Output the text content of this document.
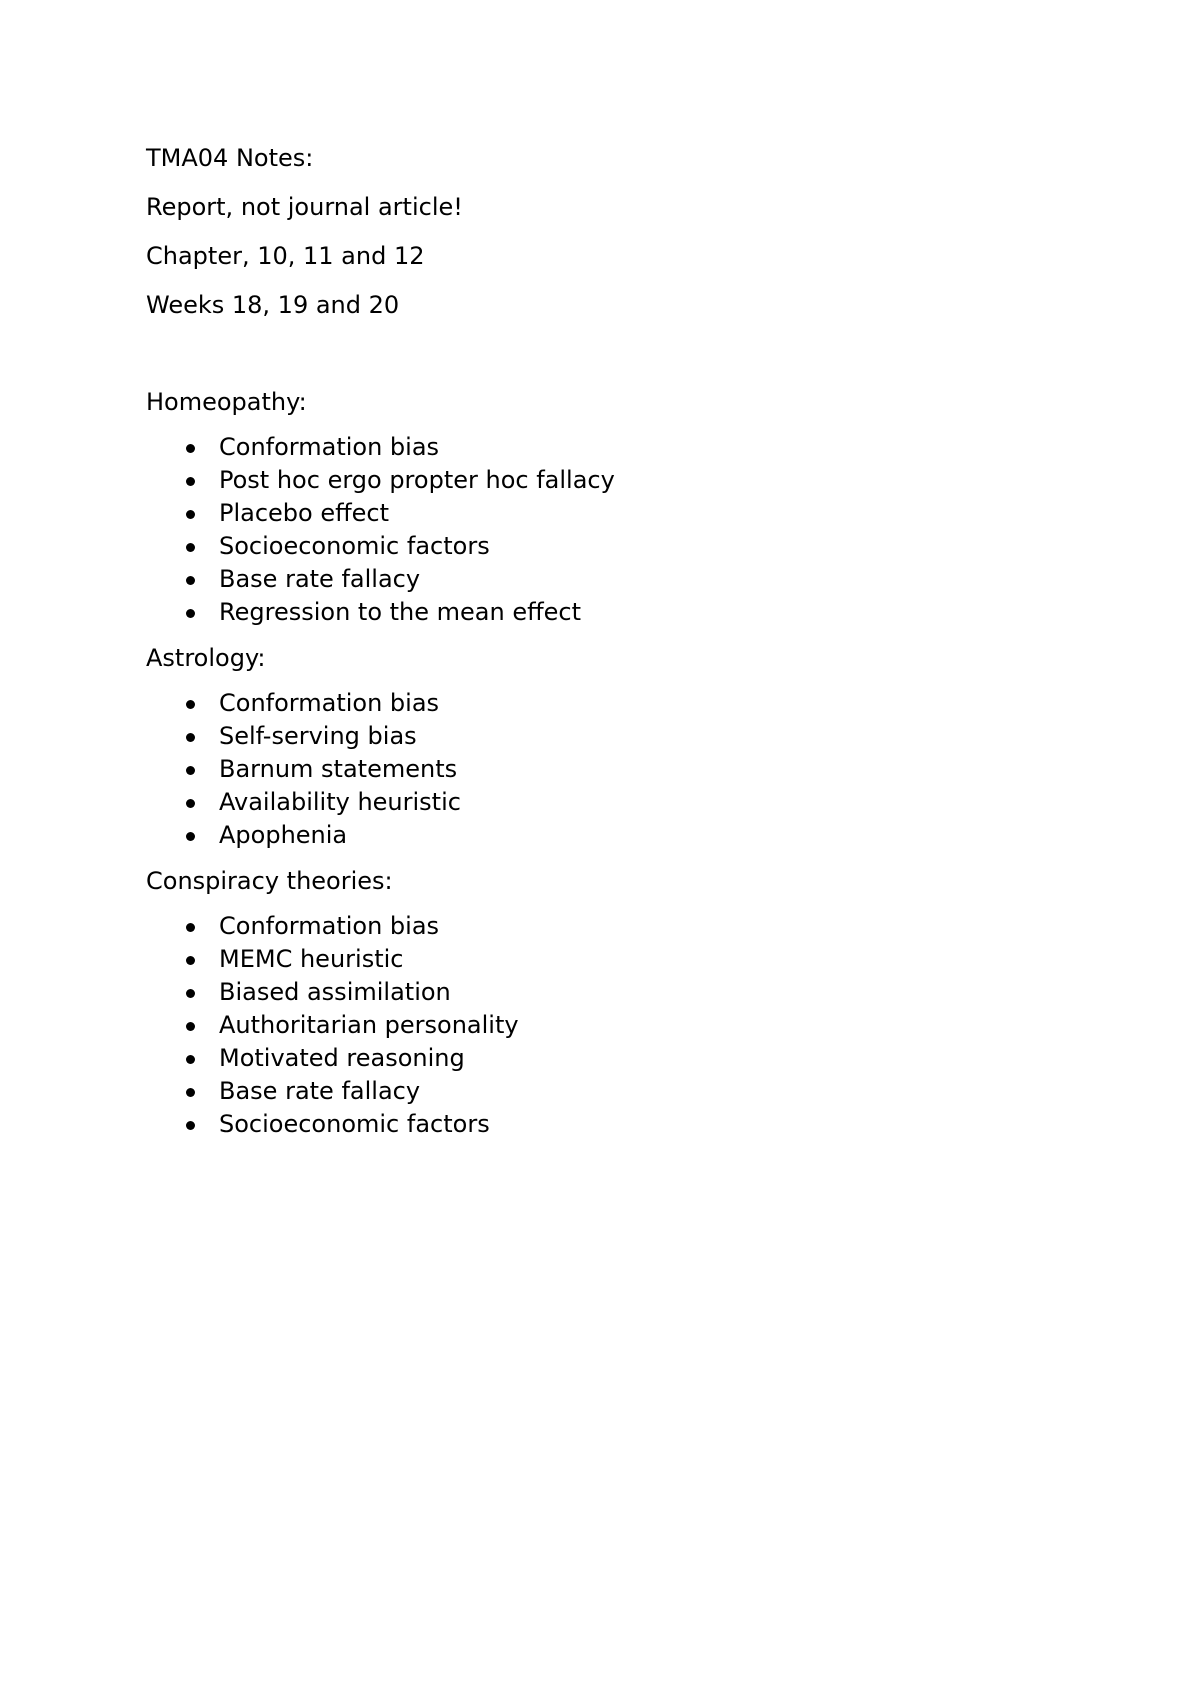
TMA04 Notes:

Report, not journal article!

Chapter, 10, 11 and 12

Weeks 18, 19 and 20

Homeopathy:

Conformation bias
Post hoc ergo propter hoc fallacy
Placebo effect
Socioeconomic factors
Base rate fallacy
Regression to the mean effect

Astrology:

Conformation bias
Self-serving bias
Barnum statements
Availability heuristic
Apophenia

Conspiracy theories:

Conformation bias
MEMC heuristic
Biased assimilation
Authoritarian personality
Motivated reasoning
Base rate fallacy
Socioeconomic factors
